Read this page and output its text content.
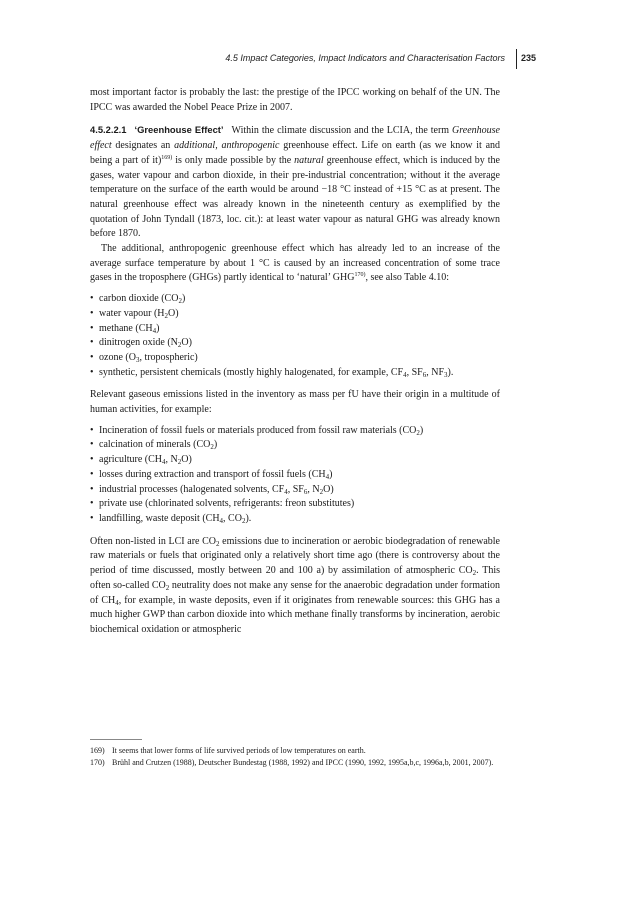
4.5 Impact Categories, Impact Indicators and Characterisation Factors 235

most important factor is probably the last: the prestige of the IPCC working on behalf of the UN. The IPCC was awarded the Nobel Peace Prize in 2007.

4.5.2.2.1 ‘Greenhouse Effect’ Within the climate discussion and the LCIA, the term Greenhouse effect designates an additional, anthropogenic greenhouse effect. Life on earth (as we know it and being a part of it)$^{169)}$ is only made possible by the natural greenhouse effect, which is induced by the gases, water vapour and carbon dioxide, in their pre-industrial concentration; without it the average temperature on the surface of the earth would be around −18 °C instead of +15 °C as at present. The natural greenhouse effect was already known in the nineteenth century as exemplified by the quotation of John Tyndall (1873, loc. cit.): at least water vapour as natural GHG was already known before 1870.

The additional, anthropogenic greenhouse effect which has already led to an increase of the average surface temperature by about 1 °C is caused by an increased concentration of some trace gases in the troposphere (GHGs) partly identical to ‘natural’ GHG$^{170)}$, see also Table 4.10:

• carbon dioxide $(CO_2)$
• water vapour $(H_2O)$
• methane $(CH_4)$
• dinitrogen oxide $(N_2O)$
• ozone ($O_3$, tropospheric)
• synthetic, persistent chemicals (mostly highly halogenated, for example, $CF_4$, $SF_6$, $NF_3$).

Relevant gaseous emissions listed in the inventory as mass per fU have their origin in a multitude of human activities, for example:

• Incineration of fossil fuels or materials produced from fossil raw materials $(CO_2)$
• calcination of minerals $(CO_2)$
• agriculture ($CH_4$, $N_2O$)
• losses during extraction and transport of fossil fuels $(CH_4)$
• industrial processes (halogenated solvents, $CF_4$, $SF_6$, $N_2O$)
• private use (chlorinated solvents, refrigerants: freon substitutes)
• landfilling, waste deposit ($CH_4$, $CO_2$).

Often non-listed in LCI are $CO_2$ emissions due to incineration or aerobic biodegradation of renewable raw materials or fuels that originated only a relatively short time ago (there is controversy about the period of time discussed, mostly between 20 and 100 a) by assimilation of atmospheric $CO_2$. This often so-called $CO_2$ neutrality does not make any sense for the anaerobic degradation under formation of $CH_4$, for example, in waste deposits, even if it originates from renewable sources: this GHG has a much higher GWP than carbon dioxide into which methane finally transforms by incineration, aerobic biochemical oxidation or atmospheric

169) It seems that lower forms of life survived periods of low temperatures on earth.
170) Brühl and Crutzen (1988), Deutscher Bundestag (1988, 1992) and IPCC (1990, 1992, 1995a,b,c, 1996a,b, 2001, 2007).
